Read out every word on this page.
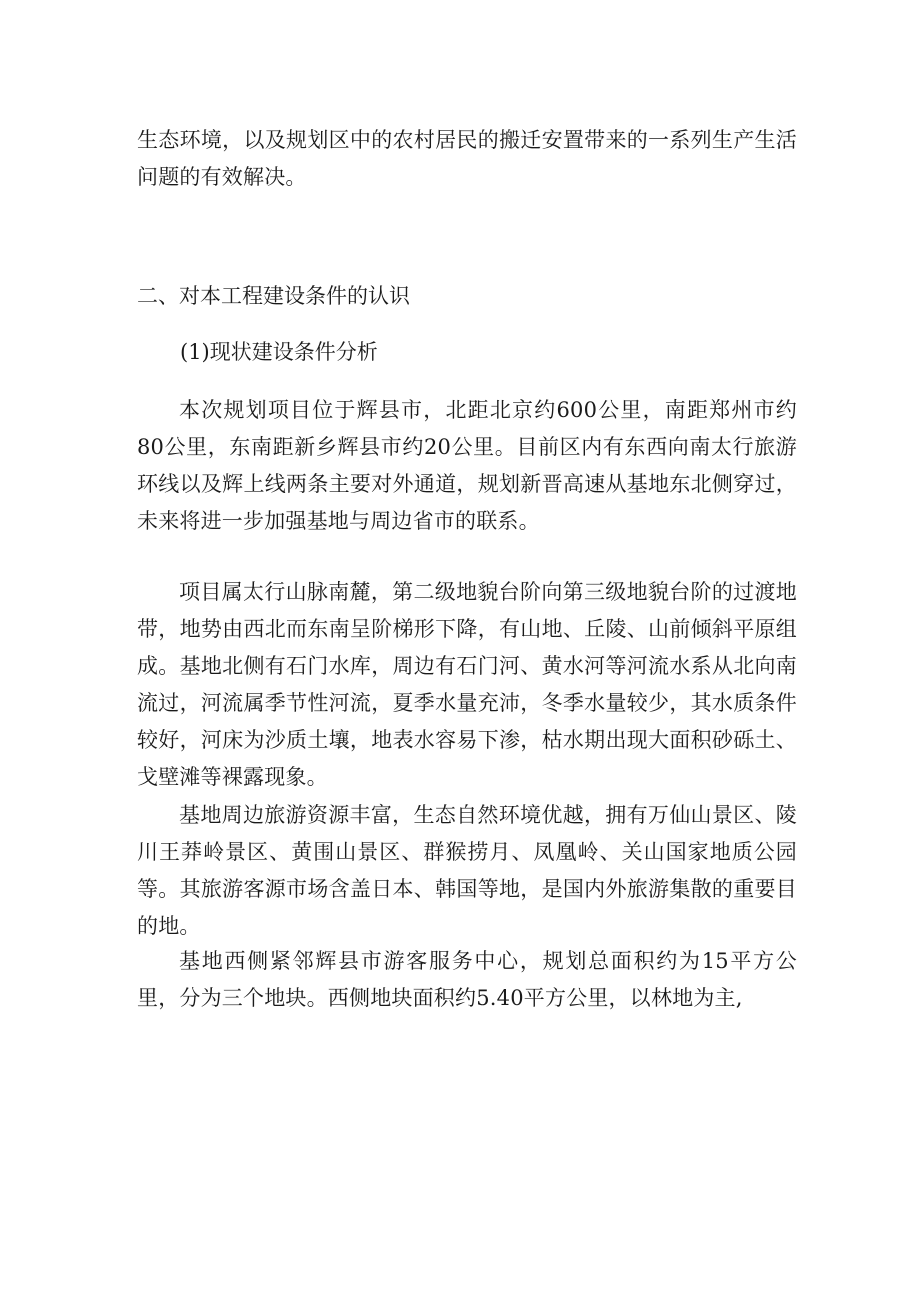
生态环境，以及规划区中的农村居民的搬迁安置带来的一系列生产生活问题的有效解决。

二、对本工程建设条件的认识

(1)现状建设条件分析

本次规划项目位于辉县市，北距北京约600公里，南距郑州市约80公里，东南距新乡辉县市约20公里。目前区内有东西向南太行旅游环线以及辉上线两条主要对外通道，规划新晋高速从基地东北侧穿过，未来将进一步加强基地与周边省市的联系。

项目属太行山脉南麓，第二级地貌台阶向第三级地貌台阶的过渡地带，地势由西北而东南呈阶梯形下降，有山地、丘陵、山前倾斜平原组成。基地北侧有石门水库，周边有石门河、黄水河等河流水系从北向南流过，河流属季节性河流，夏季水量充沛，冬季水量较少，其水质条件较好，河床为沙质土壤，地表水容易下渗，枯水期出现大面积砂砾土、戈壁滩等裸露现象。

基地周边旅游资源丰富，生态自然环境优越，拥有万仙山景区、陵川王莽岭景区、黄围山景区、群猴捞月、凤凰岭、关山国家地质公园等。其旅游客源市场含盖日本、韩国等地，是国内外旅游集散的重要目的地。

基地西侧紧邻辉县市游客服务中心，规划总面积约为15平方公里，分为三个地块。西侧地块面积约5.40平方公里，以林地为主,
